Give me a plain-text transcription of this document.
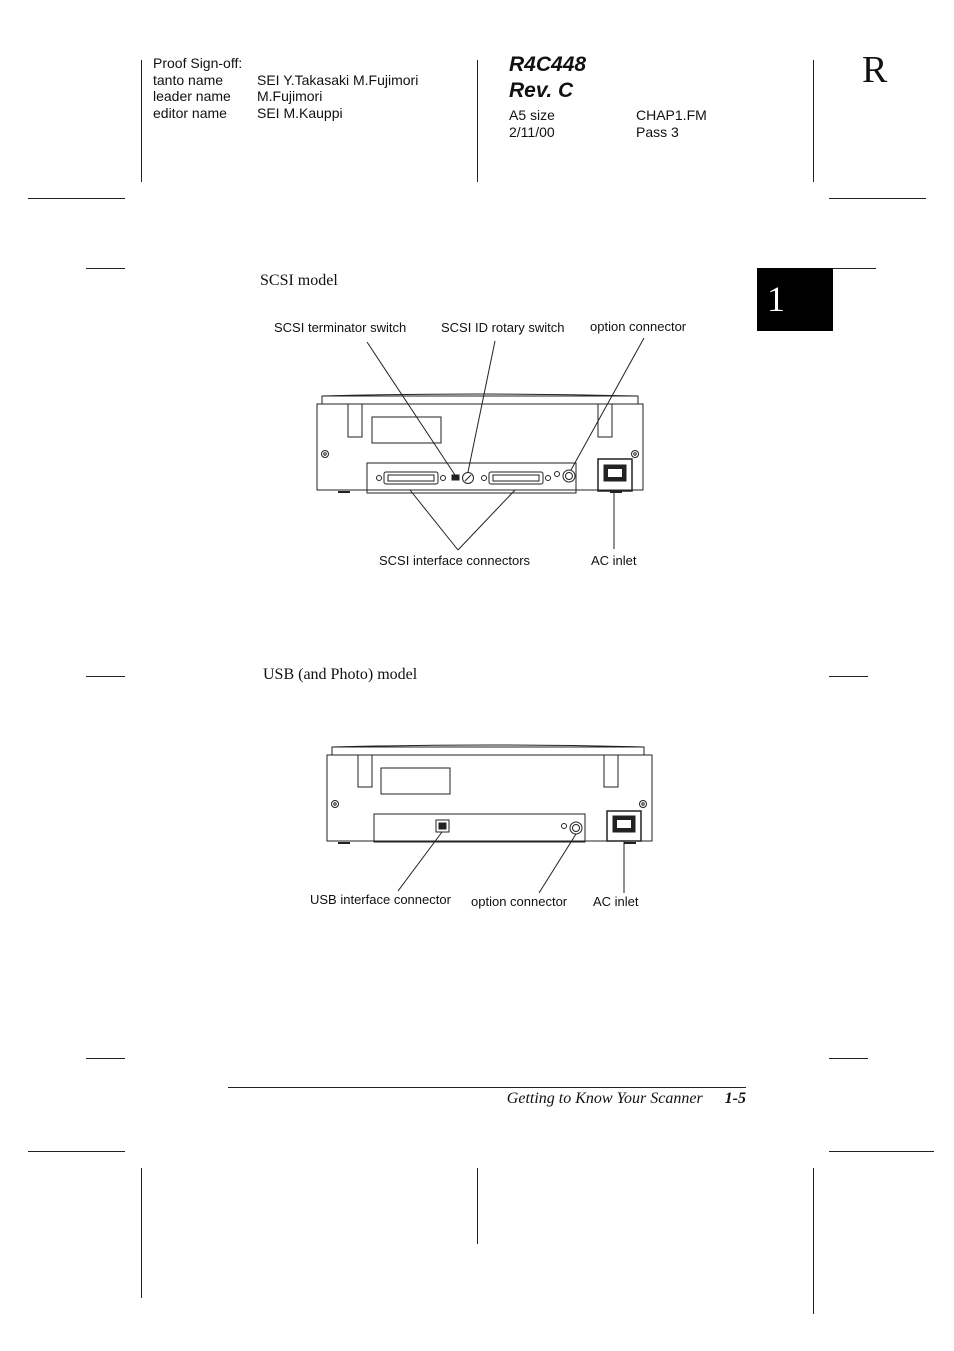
Proof Sign-off:
tanto name	SEI Y.Takasaki M.Fujimori
leader name	M.Fujimori
editor name	SEI M.Kauppi
R4C448
Rev. C
A5 size	CHAP1.FM
2/11/00	Pass 3
R
1
SCSI model
SCSI terminator switch	SCSI ID rotary switch option connector
SCSI interface connectors	AC inlet
USB (and Photo) model
USB interface connector option connector AC inlet
Getting to Know Your Scanner 1-5
